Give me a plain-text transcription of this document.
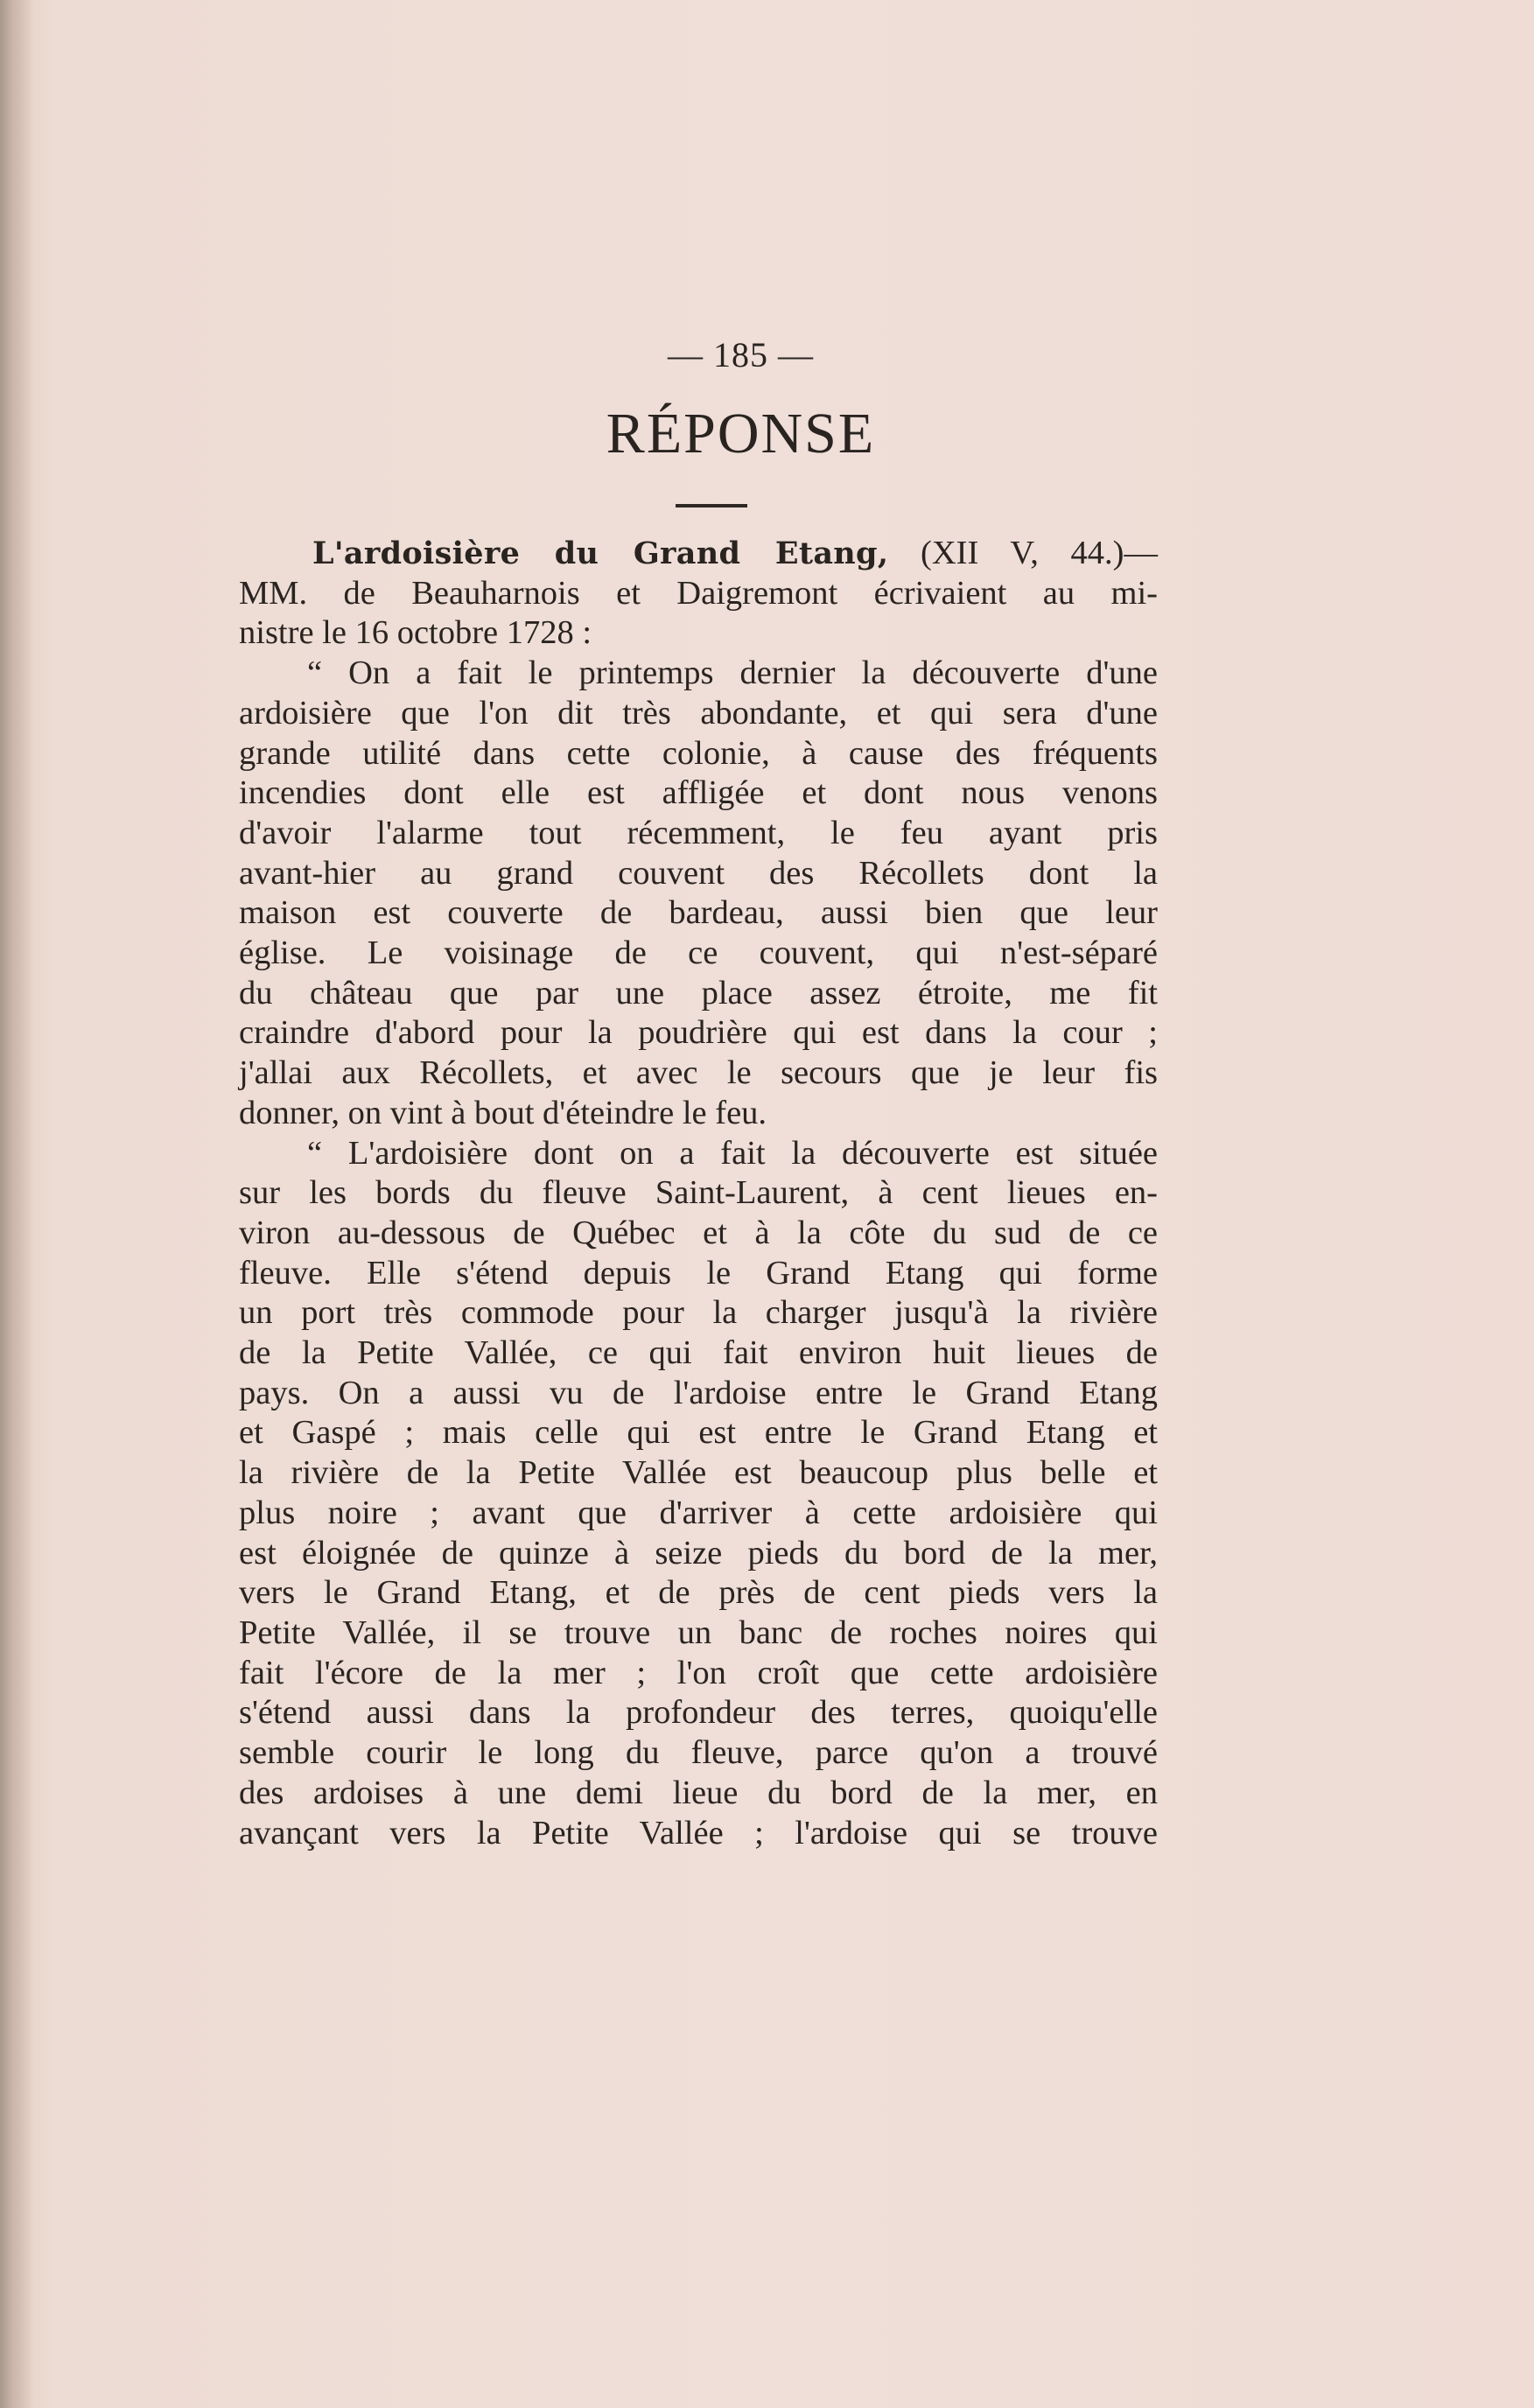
— 185 —
RÉPONSE
L'ardoisière du Grand Etang, (XII V, 44.)—
MM. de Beauharnois et Daigremont écrivaient au mi-
nistre le 16 octobre 1728 :
“ On a fait le printemps dernier la découverte d'une
ardoisière que l'on dit très abondante, et qui sera d'une
grande utilité dans cette colonie, à cause des fréquents
incendies dont elle est affligée et dont nous venons
d'avoir l'alarme tout récemment, le feu ayant pris
avant-hier au grand couvent des Récollets dont la
maison est couverte de bardeau, aussi bien que leur
église. Le voisinage de ce couvent, qui n'est-séparé
du château que par une place assez étroite, me fit
craindre d'abord pour la poudrière qui est dans la cour ;
j'allai aux Récollets, et avec le secours que je leur fis
donner, on vint à bout d'éteindre le feu.
“ L'ardoisière dont on a fait la découverte est située
sur les bords du fleuve Saint-Laurent, à cent lieues en-
viron au-dessous de Québec et à la côte du sud de ce
fleuve. Elle s'étend depuis le Grand Etang qui forme
un port très commode pour la charger jusqu'à la rivière
de la Petite Vallée, ce qui fait environ huit lieues de
pays. On a aussi vu de l'ardoise entre le Grand Etang
et Gaspé ; mais celle qui est entre le Grand Etang et
la rivière de la Petite Vallée est beaucoup plus belle et
plus noire ; avant que d'arriver à cette ardoisière qui
est éloignée de quinze à seize pieds du bord de la mer,
vers le Grand Etang, et de près de cent pieds vers la
Petite Vallée, il se trouve un banc de roches noires qui
fait l'écore de la mer ; l'on croît que cette ardoisière
s'étend aussi dans la profondeur des terres, quoiqu'elle
semble courir le long du fleuve, parce qu'on a trouvé
des ardoises à une demi lieue du bord de la mer, en
avançant vers la Petite Vallée ; l'ardoise qui se trouve
